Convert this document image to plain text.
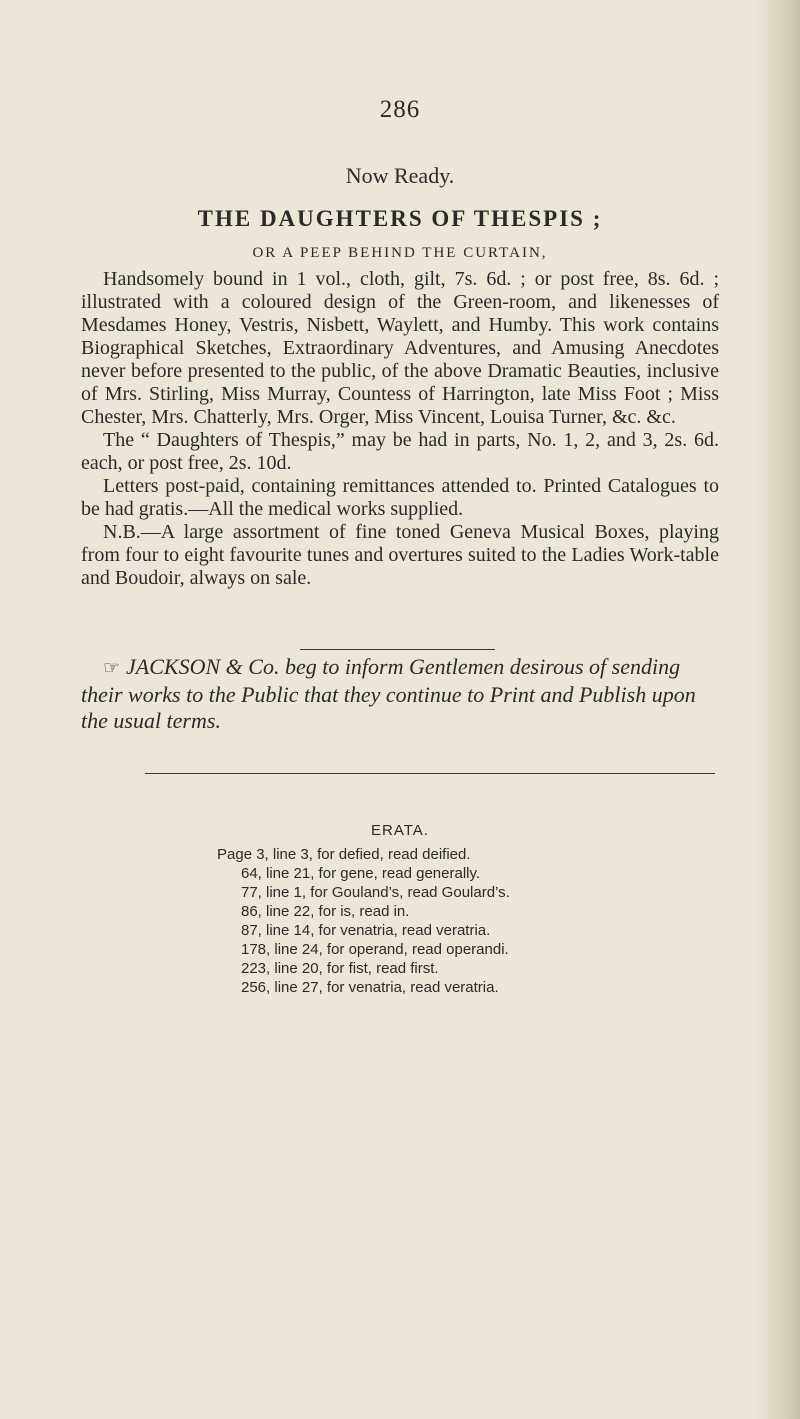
286
Now Ready.
THE DAUGHTERS OF THESPIS ;
OR A PEEP BEHIND THE CURTAIN,

Handsomely bound in 1 vol., cloth, gilt, 7s. 6d. ; or post free, 8s. 6d. ; illustrated with a coloured design of the Green-room, and likenesses of Mesdames Honey, Vestris, Nisbett, Waylett, and Humby. This work contains Biographical Sketches, Extraordinary Adventures, and Amusing Anecdotes never before presented to the public, of the above Dramatic Beauties, inclusive of Mrs. Stirling, Miss Murray, Countess of Harrington, late Miss Foot ; Miss Chester, Mrs. Chatterly, Mrs. Orger, Miss Vincent, Louisa Turner, &c. &c.

The “ Daughters of Thespis,” may be had in parts, No. 1, 2, and 3, 2s. 6d. each, or post free, 2s. 10d.

Letters post-paid, containing remittances attended to. Printed Catalogues to be had gratis.—All the medical works supplied.

N.B.—A large assortment of fine toned Geneva Musical Boxes, playing from four to eight favourite tunes and overtures suited to the Ladies Work-table and Boudoir, always on sale.

☞ JACKSON & Co. beg to inform Gentlemen desirous of sending their works to the Public that they continue to Print and Publish upon the usual terms.
ERATA.
Page 3, line 3, for defied, read deified.
64, line 21, for gene, read generally.
77, line 1, for Gouland’s, read Goulard’s.
86, line 22, for is, read in.
87, line 14, for venatria, read veratria.
178, line 24, for operand, read operandi.
223, line 20, for fist, read first.
256, line 27, for venatria, read veratria.
